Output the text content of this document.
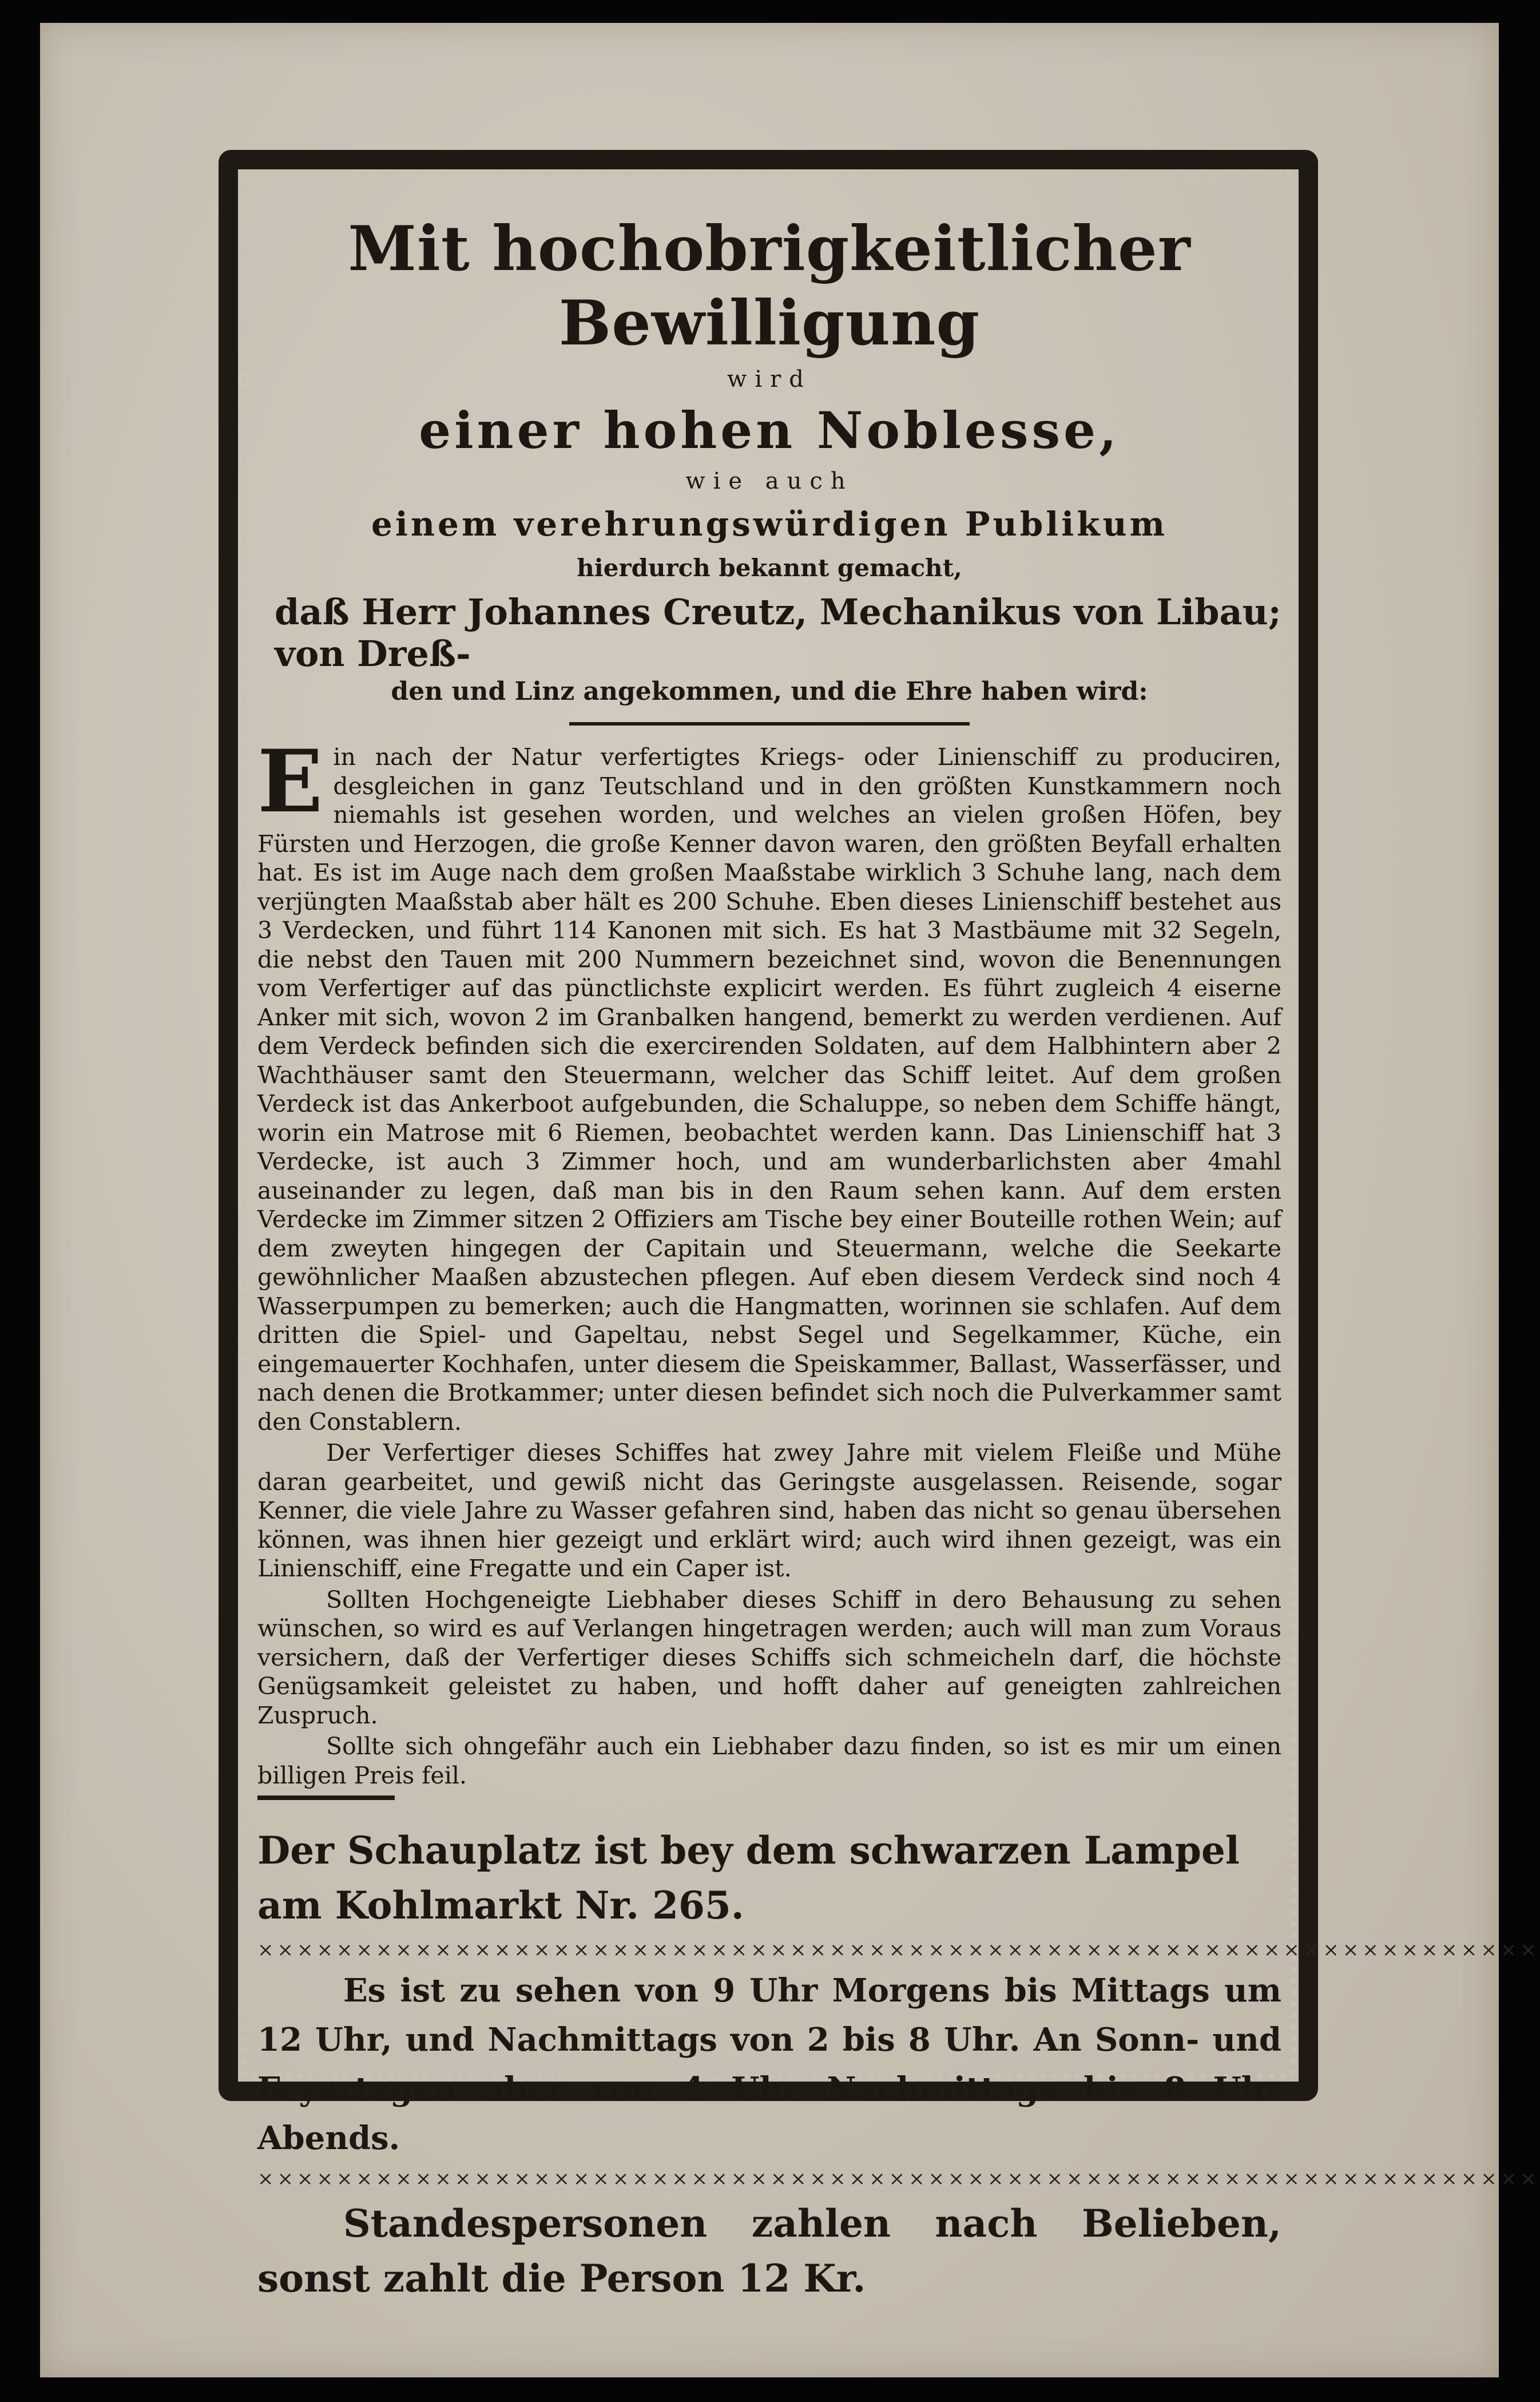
Mit hochobrigkeitlicher Bewilligung
wird
einer hohen Noblesse,
wie auch
einem verehrungswürdigen Publikum
hierdurch bekannt gemacht,
daß Herr Johannes Creutz, Mechanikus von Libau; von Dreß-
den und Linz angekommen, und die Ehre haben wird:
Ein nach der Natur verfertigtes Kriegs- oder Linienschiff zu produciren, desgleichen in ganz Teutschland und in den größten Kunstkammern noch niemahls ist gesehen worden, und welches an vielen großen Höfen, bey Fürsten und Herzogen, die große Kenner davon waren, den größten Beyfall erhalten hat. Es ist im Auge nach dem großen Maaßstabe wirklich 3 Schuhe lang, nach dem verjüngten Maaßstab aber hält es 200 Schuhe. Eben dieses Linienschiff bestehet aus 3 Verdecken, und führt 114 Kanonen mit sich. Es hat 3 Mastbäume mit 32 Segeln, die nebst den Tauen mit 200 Nummern bezeichnet sind, wovon die Benennungen vom Verfertiger auf das pünctlichste explicirt werden. Es führt zugleich 4 eiserne Anker mit sich, wovon 2 im Granbalken hangend, bemerkt zu werden verdienen. Auf dem Verdeck befinden sich die exercirenden Soldaten, auf dem Halbhintern aber 2 Wachthäuser samt den Steuermann, welcher das Schiff leitet. Auf dem großen Verdeck ist das Ankerboot aufgebunden, die Schaluppe, so neben dem Schiffe hängt, worin ein Matrose mit 6 Riemen, beobachtet werden kann. Das Linienschiff hat 3 Verdecke, ist auch 3 Zimmer hoch, und am wunderbarlichsten aber 4mahl auseinander zu legen, daß man bis in den Raum sehen kann. Auf dem ersten Verdecke im Zimmer sitzen 2 Offiziers am Tische bey einer Bouteille rothen Wein; auf dem zweyten hingegen der Capitain und Steuermann, welche die Seekarte gewöhnlicher Maaßen abzustechen pflegen. Auf eben diesem Verdeck sind noch 4 Wasserpumpen zu bemerken; auch die Hangmatten, worinnen sie schlafen. Auf dem dritten die Spiel- und Gapeltau, nebst Segel und Segelkammer, Küche, ein eingemauerter Kochhafen, unter diesem die Speiskammer, Ballast, Wasserfässer, und nach denen die Brotkammer; unter diesen befindet sich noch die Pulverkammer samt den Constablern.
Der Verfertiger dieses Schiffes hat zwey Jahre mit vielem Fleiße und Mühe daran gearbeitet, und gewiß nicht das Geringste ausgelassen. Reisende, sogar Kenner, die viele Jahre zu Wasser gefahren sind, haben das nicht so genau übersehen können, was ihnen hier gezeigt und erklärt wird; auch wird ihnen gezeigt, was ein Linienschiff, eine Fregatte und ein Caper ist.
Sollten Hochgeneigte Liebhaber dieses Schiff in dero Behausung zu sehen wünschen, so wird es auf Verlangen hingetragen werden; auch will man zum Voraus versichern, daß der Verfertiger dieses Schiffs sich schmeicheln darf, die höchste Genügsamkeit geleistet zu haben, und hofft daher auf geneigten zahlreichen Zuspruch.
Sollte sich ohngefähr auch ein Liebhaber dazu finden, so ist es mir um einen billigen Preis feil.
Der Schauplatz ist bey dem schwarzen Lampel am Kohlmarkt Nr. 265.
×××××××××××××××××××××××××××××××××××××××××××××××××××××××××××××××××
Es ist zu sehen von 9 Uhr Morgens bis Mittags um 12 Uhr, und Nachmittags von 2 bis 8 Uhr. An Sonn- und Feyertagen aber von 4 Uhr Nachmittags bis 8 Uhr Abends.
×××××××××××××××××××××××××××××××××××××××××××××××××××××××××××××××××
Standespersonen zahlen nach Belieben, sonst zahlt die Person 12 Kr.
